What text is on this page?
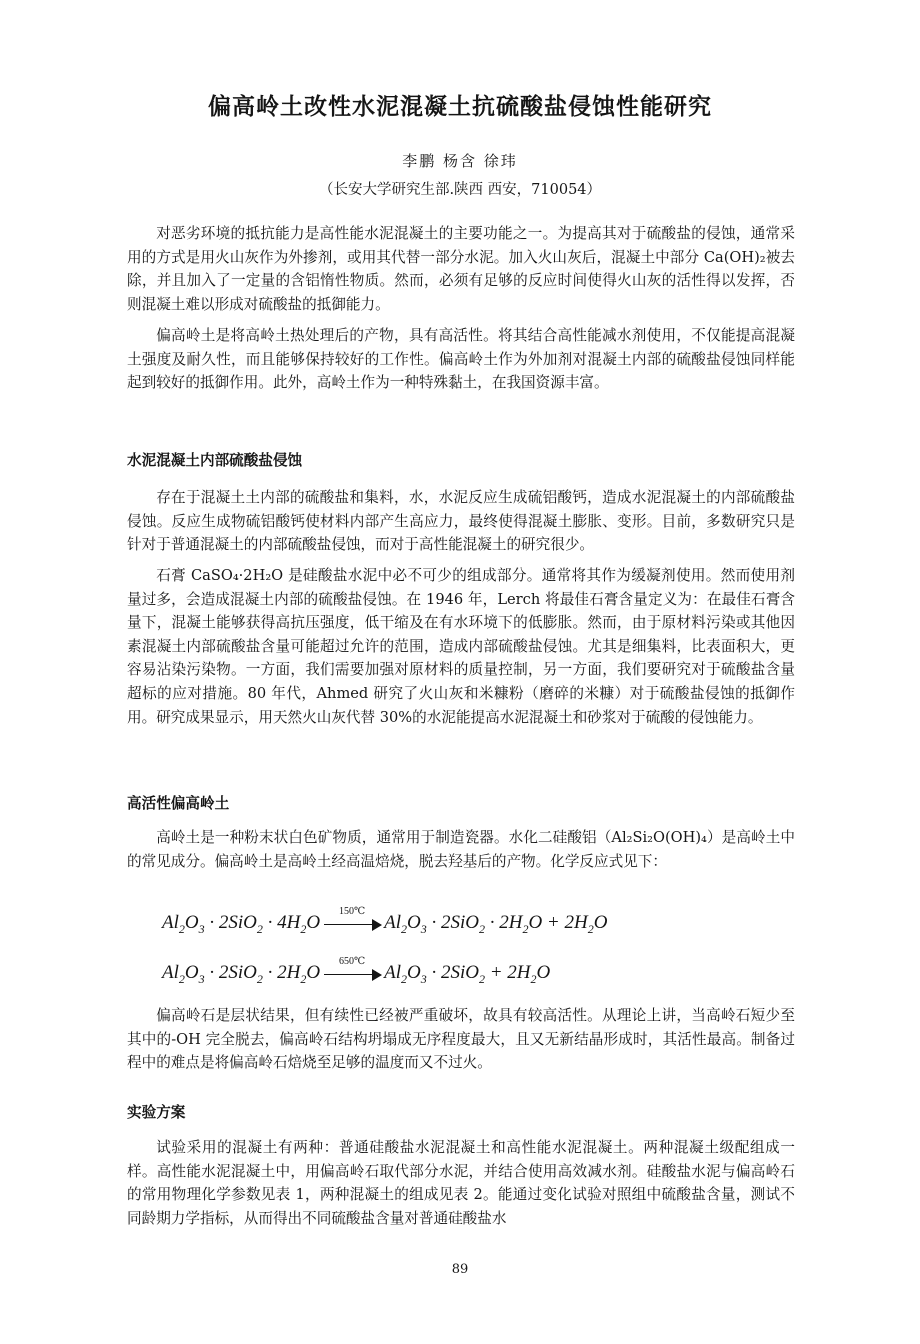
偏高岭土改性水泥混凝土抗硫酸盐侵蚀性能研究
李鹏 杨含 徐玮
（长安大学研究生部.陕西 西安，710054）

对恶劣环境的抵抗能力是高性能水泥混凝土的主要功能之一。为提高其对于硫酸盐的侵蚀，通常采用的方式是用火山灰作为外掺剂，或用其代替一部分水泥。加入火山灰后，混凝土中部分 Ca(OH)₂被去除，并且加入了一定量的含铝惰性物质。然而，必须有足够的反应时间使得火山灰的活性得以发挥，否则混凝土难以形成对硫酸盐的抵御能力。

偏高岭土是将高岭土热处理后的产物，具有高活性。将其结合高性能减水剂使用，不仅能提高混凝土强度及耐久性，而且能够保持较好的工作性。偏高岭土作为外加剂对混凝土内部的硫酸盐侵蚀同样能起到较好的抵御作用。此外，高岭土作为一种特殊黏土，在我国资源丰富。

水泥混凝土内部硫酸盐侵蚀

存在于混凝土土内部的硫酸盐和集料，水，水泥反应生成硫铝酸钙，造成水泥混凝土的内部硫酸盐侵蚀。反应生成物硫铝酸钙使材料内部产生高应力，最终使得混凝土膨胀、变形。目前，多数研究只是针对于普通混凝土的内部硫酸盐侵蚀，而对于高性能混凝土的研究很少。

石膏 CaSO₄·2H₂O 是硅酸盐水泥中必不可少的组成部分。通常将其作为缓凝剂使用。然而使用剂量过多，会造成混凝土内部的硫酸盐侵蚀。在 1946 年，Lerch 将最佳石膏含量定义为：在最佳石膏含量下，混凝土能够获得高抗压强度，低干缩及在有水环境下的低膨胀。然而，由于原材料污染或其他因素混凝土内部硫酸盐含量可能超过允许的范围，造成内部硫酸盐侵蚀。尤其是细集料，比表面积大，更容易沾染污染物。一方面，我们需要加强对原材料的质量控制，另一方面，我们要研究对于硫酸盐含量超标的应对措施。80 年代，Ahmed 研究了火山灰和米糠粉（磨碎的米糠）对于硫酸盐侵蚀的抵御作用。研究成果显示，用天然火山灰代替 30%的水泥能提高水泥混凝土和砂浆对于硫酸的侵蚀能力。

高活性偏高岭土

高岭土是一种粉末状白色矿物质，通常用于制造瓷器。水化二硅酸铝（Al₂Si₂O(OH)₄）是高岭土中的常见成分。偏高岭土是高岭土经高温焙烧，脱去羟基后的产物。化学反应式见下：

$Al_2O_3 \cdot 2SiO_2 \cdot 4H_2O$
150℃
$Al_2O_3 \cdot 2SiO_2 \cdot 2H_2O + 2H_2O$
$Al_2O_3 \cdot 2SiO_2 \cdot 2H_2O$
650℃
$Al_2O_3 \cdot 2SiO_2 + 2H_2O$

偏高岭石是层状结果，但有续性已经被严重破坏，故具有较高活性。从理论上讲，当高岭石短少至其中的-OH 完全脱去，偏高岭石结构坍塌成无序程度最大，且又无新结晶形成时，其活性最高。制备过程中的难点是将偏高岭石焙烧至足够的温度而又不过火。

实验方案

试验采用的混凝土有两种：普通硅酸盐水泥混凝土和高性能水泥混凝土。两种混凝土级配组成一样。高性能水泥混凝土中，用偏高岭石取代部分水泥，并结合使用高效减水剂。硅酸盐水泥与偏高岭石的常用物理化学参数见表 1，两种混凝土的组成见表 2。能通过变化试验对照组中硫酸盐含量，测试不同龄期力学指标，从而得出不同硫酸盐含量对普通硅酸盐水

89
